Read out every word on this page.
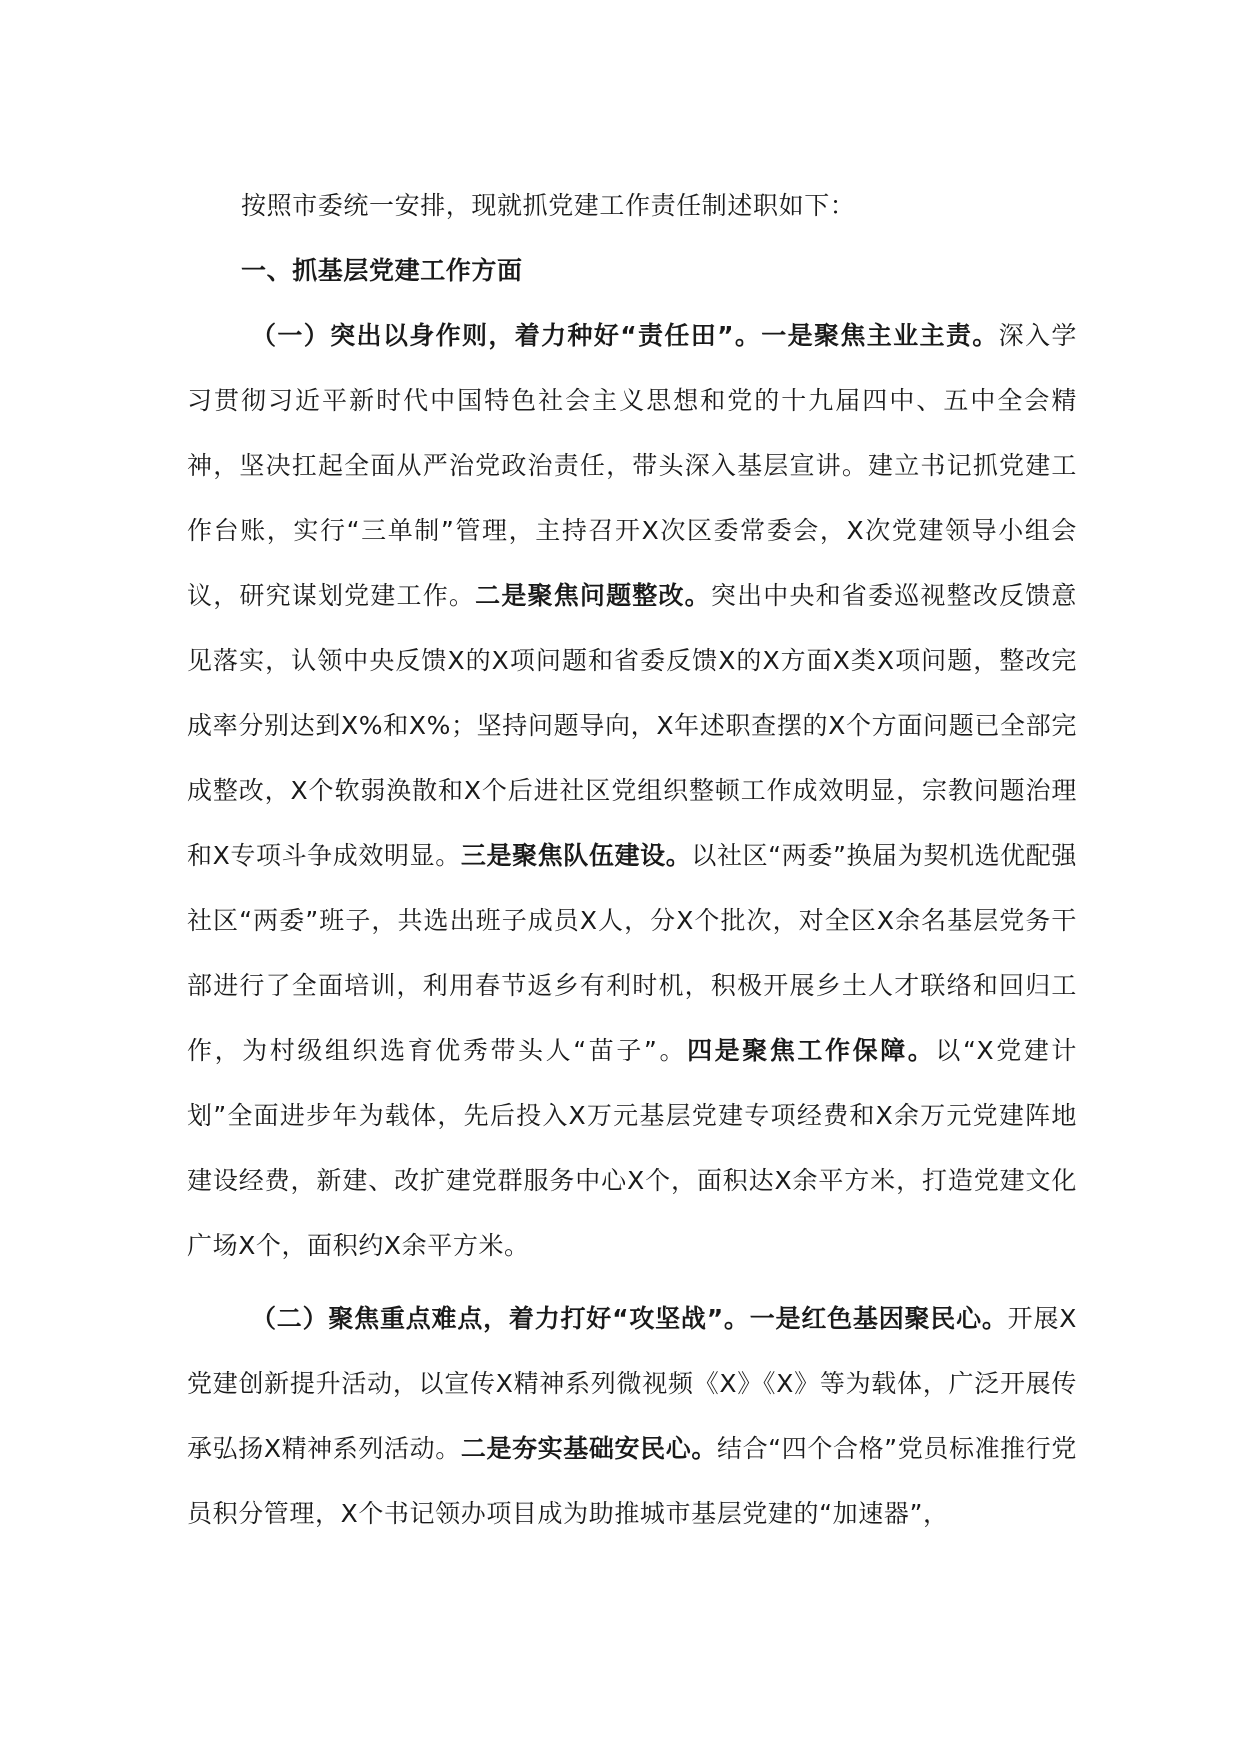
按照市委统一安排，现就抓党建工作责任制述职如下：

一、抓基层党建工作方面

（一）突出以身作则，着力种好“责任田”。一是聚焦主业主责。深入学习贯彻习近平新时代中国特色社会主义思想和党的十九届四中、五中全会精神，坚决扛起全面从严治党政治责任，带头深入基层宣讲。建立书记抓党建工作台账，实行“三单制”管理，主持召开X次区委常委会，X次党建领导小组会议，研究谋划党建工作。二是聚焦问题整改。突出中央和省委巡视整改反馈意见落实，认领中央反馈X的X项问题和省委反馈X的X方面X类X项问题，整改完成率分别达到X%和X%；坚持问题导向，X年述职查摆的X个方面问题已全部完成整改，X个软弱涣散和X个后进社区党组织整顿工作成效明显，宗教问题治理和X专项斗争成效明显。三是聚焦队伍建设。以社区“两委”换届为契机选优配强社区“两委”班子，共选出班子成员X人，分X个批次，对全区X余名基层党务干部进行了全面培训，利用春节返乡有利时机，积极开展乡土人才联络和回归工作，为村级组织选育优秀带头人“苗子”。四是聚焦工作保障。以“X党建计划”全面进步年为载体，先后投入X万元基层党建专项经费和X余万元党建阵地建设经费，新建、改扩建党群服务中心X个，面积达X余平方米，打造党建文化广场X个，面积约X余平方米。

（二）聚焦重点难点，着力打好“攻坚战”。一是红色基因聚民心。开展X党建创新提升活动，以宣传X精神系列微视频《X》《X》等为载体，广泛开展传承弘扬X精神系列活动。二是夯实基础安民心。结合“四个合格”党员标准推行党员积分管理，X个书记领办项目成为助推城市基层党建的“加速器”，
